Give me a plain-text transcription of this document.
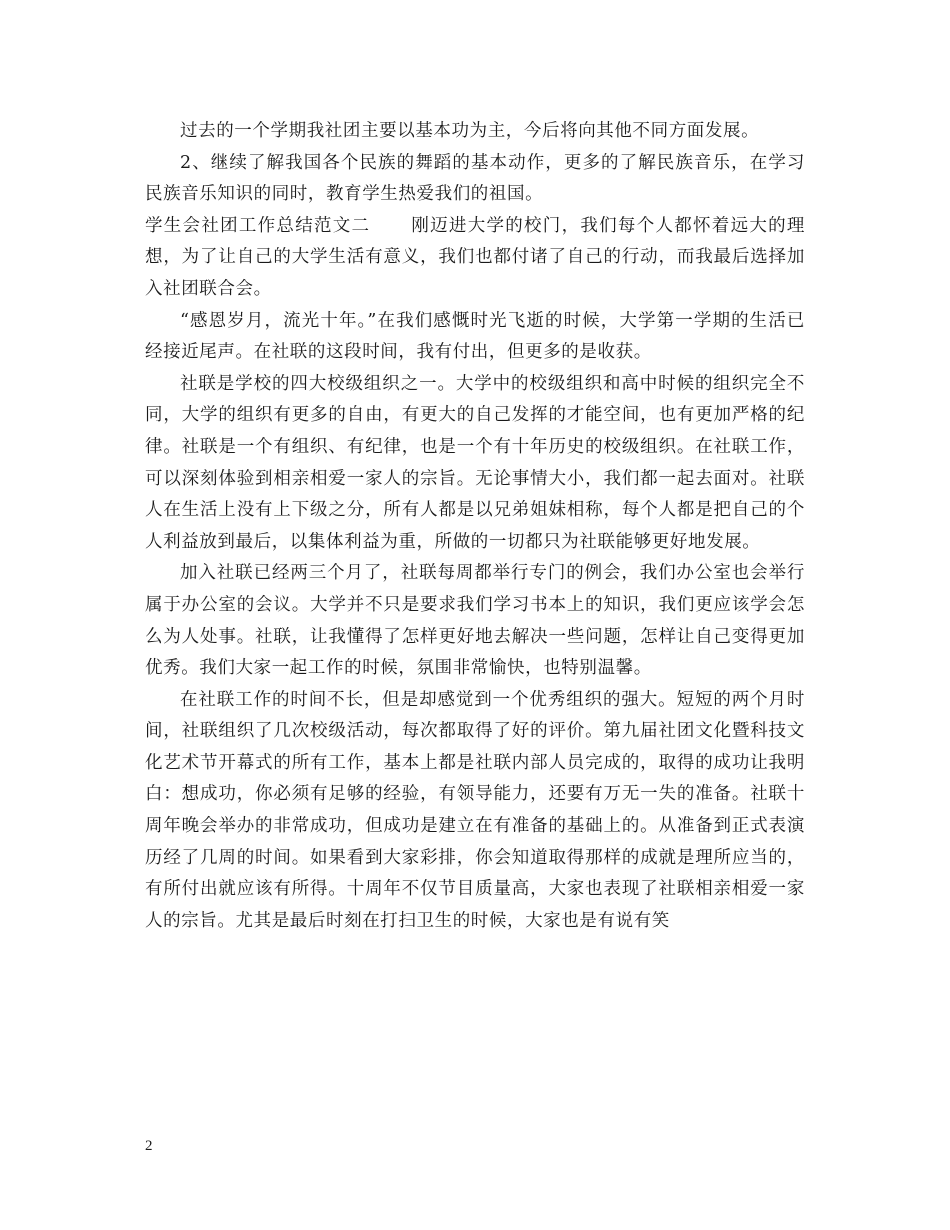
过去的一个学期我社团主要以基本功为主，今后将向其他不同方面发展。

2、继续了解我国各个民族的舞蹈的基本动作，更多的了解民族音乐，在学习民族音乐知识的同时，教育学生热爱我们的祖国。

学生会社团工作总结范文二 刚迈进大学的校门，我们每个人都怀着远大的理想，为了让自己的大学生活有意义，我们也都付诸了自己的行动，而我最后选择加入社团联合会。

“感恩岁月，流光十年。”在我们感慨时光飞逝的时候，大学第一学期的生活已经接近尾声。在社联的这段时间，我有付出，但更多的是收获。

社联是学校的四大校级组织之一。大学中的校级组织和高中时候的组织完全不同，大学的组织有更多的自由，有更大的自己发挥的才能空间，也有更加严格的纪律。社联是一个有组织、有纪律，也是一个有十年历史的校级组织。在社联工作，可以深刻体验到相亲相爱一家人的宗旨。无论事情大小，我们都一起去面对。社联人在生活上没有上下级之分，所有人都是以兄弟姐妹相称，每个人都是把自己的个人利益放到最后，以集体利益为重，所做的一切都只为社联能够更好地发展。

加入社联已经两三个月了，社联每周都举行专门的例会，我们办公室也会举行属于办公室的会议。大学并不只是要求我们学习书本上的知识，我们更应该学会怎么为人处事。社联，让我懂得了怎样更好地去解决一些问题，怎样让自己变得更加优秀。我们大家一起工作的时候，氛围非常愉快，也特别温馨。

在社联工作的时间不长，但是却感觉到一个优秀组织的强大。短短的两个月时间，社联组织了几次校级活动，每次都取得了好的评价。第九届社团文化暨科技文化艺术节开幕式的所有工作，基本上都是社联内部人员完成的，取得的成功让我明白：想成功，你必须有足够的经验，有领导能力，还要有万无一失的准备。社联十周年晚会举办的非常成功，但成功是建立在有准备的基础上的。从准备到正式表演历经了几周的时间。如果看到大家彩排，你会知道取得那样的成就是理所应当的，有所付出就应该有所得。十周年不仅节目质量高，大家也表现了社联相亲相爱一家人的宗旨。尤其是最后时刻在打扫卫生的时候，大家也是有说有笑

2
